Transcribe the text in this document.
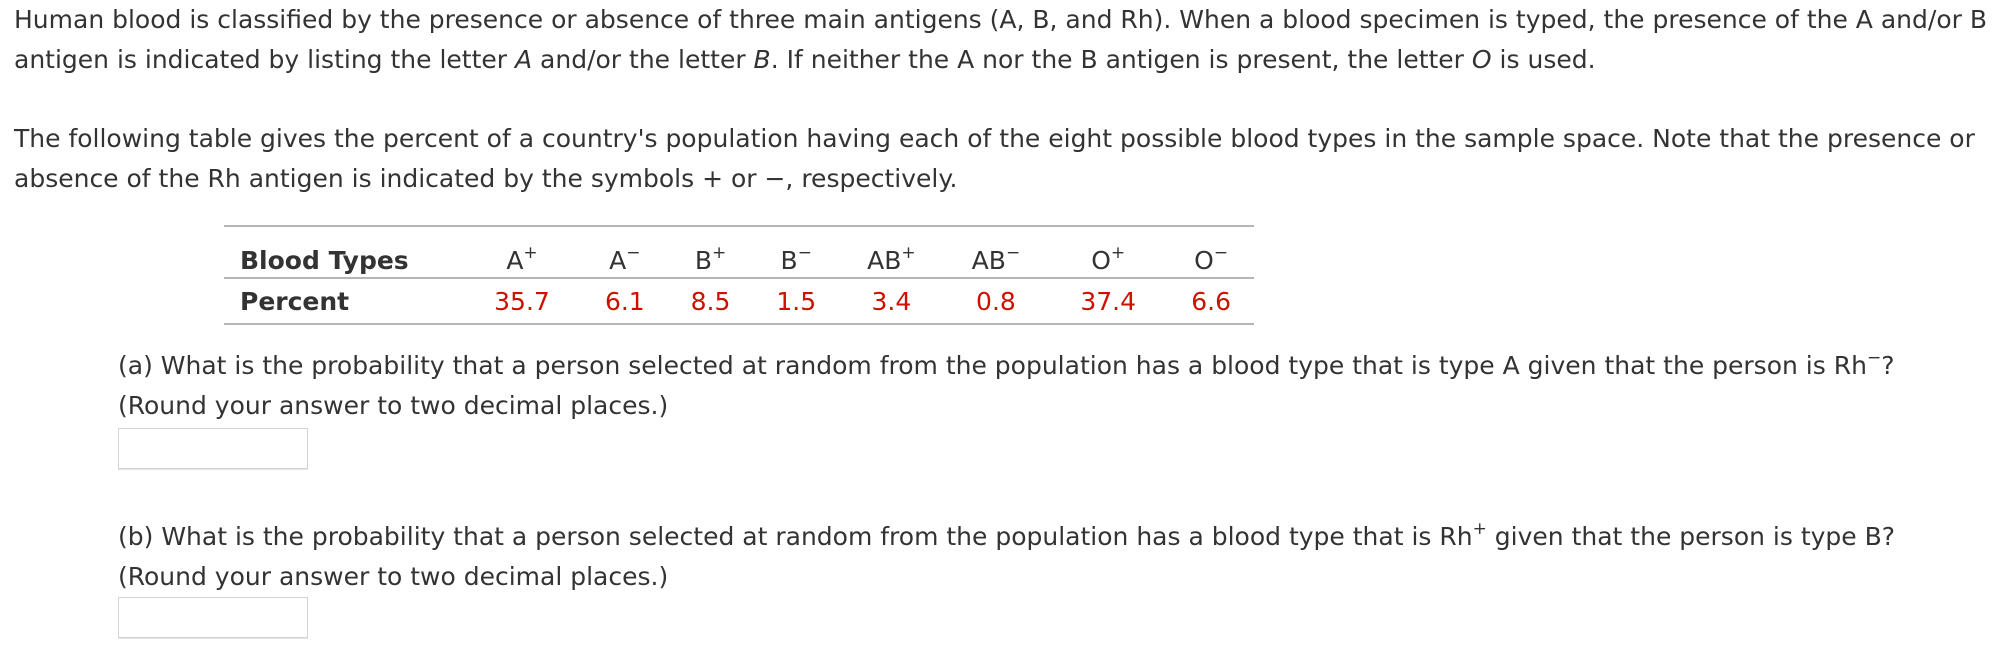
Human blood is classified by the presence or absence of three main antigens (A, B, and Rh). When a blood specimen is typed, the presence of the A and/or B antigen is indicated by listing the letter A and/or the letter B. If neither the A nor the B antigen is present, the letter O is used.

The following table gives the percent of a country's population having each of the eight possible blood types in the sample space. Note that the presence or absence of the Rh antigen is indicated by the symbols + or −, respectively.

Blood Types	A+	A−	B+	B−	AB+	AB−	O+	O−
Percent	35.7	6.1	8.5	1.5	3.4	0.8	37.4	6.6

(a) What is the probability that a person selected at random from the population has a blood type that is type A given that the person is Rh−?
(Round your answer to two decimal places.)

(b) What is the probability that a person selected at random from the population has a blood type that is Rh+ given that the person is type B?
(Round your answer to two decimal places.)
